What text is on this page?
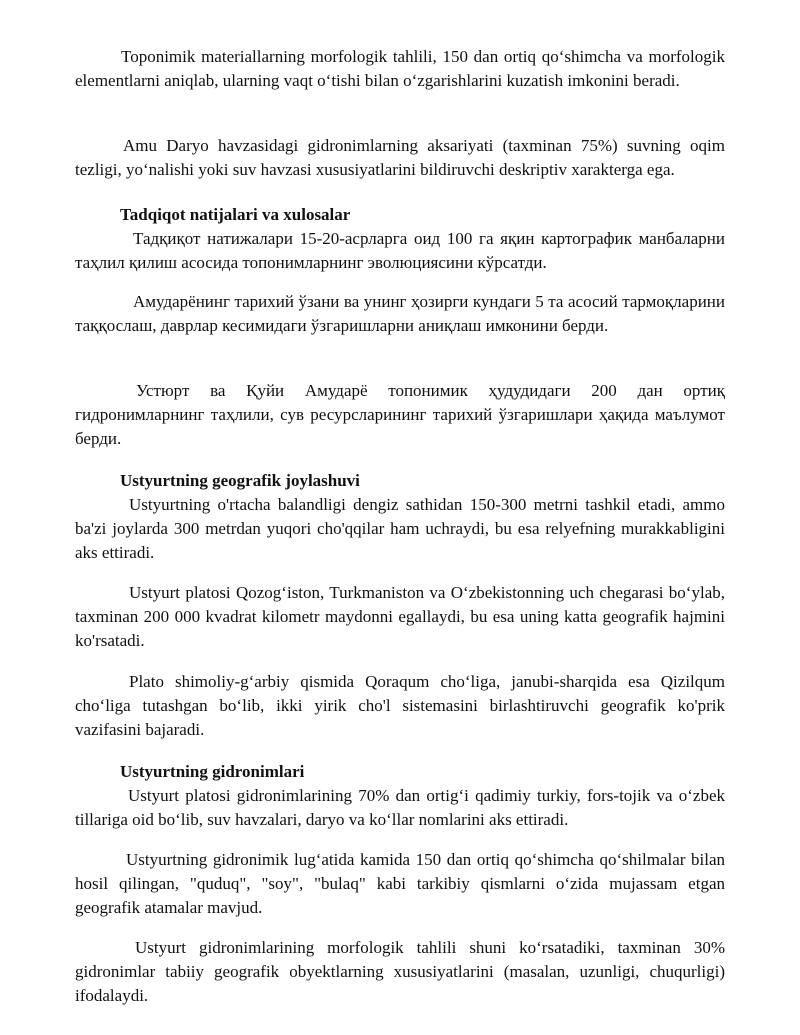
Toponimik materiallarning morfologik tahlili, 150 dan ortiq qo‘shimcha va morfologik elementlarni aniqlab, ularning vaqt o‘tishi bilan o‘zgarishlarini kuzatish imkonini beradi.

Amu Daryo havzasidagi gidronimlarning aksariyati (taxminan 75%) suvning oqim tezligi, yo‘nalishi yoki suv havzasi xususiyatlarini bildiruvchi deskriptiv xarakterga ega.

Tadqiqot natijalari va xulosalar

Тадқиқот натижалари 15-20-асрларга оид 100 га яқин картографик манбаларни таҳлил қилиш асосида топонимларнинг эволюциясини кўрсатди.

Амударёнинг тарихий ўзани ва унинг ҳозирги кундаги 5 та асосий тармоқларини таққослаш, даврлар кесимидаги ўзгаришларни аниқлаш имконини берди.

Устюрт ва Қуйи Амударё топонимик ҳудудидаги 200 дан ортиқ гидронимларнинг таҳлили, сув ресурсларининг тарихий ўзгаришлари ҳақида маълумот берди.

Ustyurtning geografik joylashuvi

Ustyurtning o'rtacha balandligi dengiz sathidan 150-300 metrni tashkil etadi, ammo ba'zi joylarda 300 metrdan yuqori cho'qqilar ham uchraydi, bu esa relyefning murakkabligini aks ettiradi.

Ustyurt platosi Qozog‘iston, Turkmaniston va O‘zbekistonning uch chegarasi bo‘ylab, taxminan 200 000 kvadrat kilometr maydonni egallaydi, bu esa uning katta geografik hajmini ko'rsatadi.

Plato shimoliy-g‘arbiy qismida Qoraqum cho‘liga, janubi-sharqida esa Qizilqum cho‘liga tutashgan bo‘lib, ikki yirik cho'l sistemasini birlashtiruvchi geografik ko'prik vazifasini bajaradi.

Ustyurtning gidronimlari

Ustyurt platosi gidronimlarining 70% dan ortig‘i qadimiy turkiy, fors-tojik va o‘zbek tillariga oid bo‘lib, suv havzalari, daryo va ko‘llar nomlarini aks ettiradi.

Ustyurtning gidronimik lug‘atida kamida 150 dan ortiq qo‘shimcha qo‘shilmalar bilan hosil qilingan, "quduq", "soy", "bulaq" kabi tarkibiy qismlarni o‘zida mujassam etgan geografik atamalar mavjud.

Ustyurt gidronimlarining morfologik tahlili shuni ko‘rsatadiki, taxminan 30% gidronimlar tabiiy geografik obyektlarning xususiyatlarini (masalan, uzunligi, chuqurligi) ifodalaydi.
